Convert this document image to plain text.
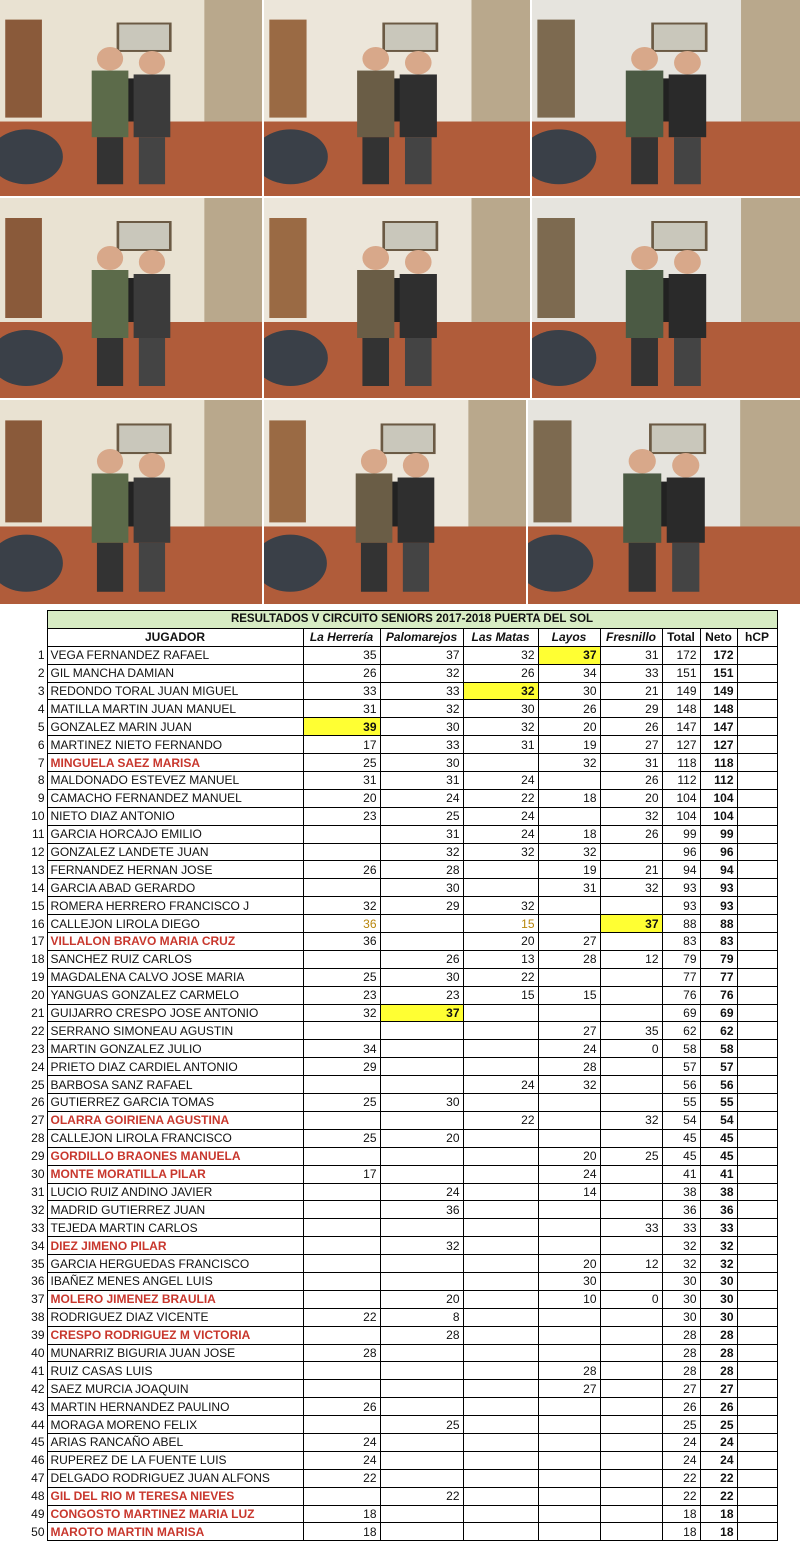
	RESULTADOS V CIRCUITO SENIORS 2017-2018 PUERTA DEL SOL								
	JUGADOR	La Herrería	Palomarejos	Las Matas	Layos	Fresnillo	Total	Neto	hCP
1	VEGA FERNANDEZ RAFAEL	35	37	32	37	31	172	172	
2	GIL MANCHA DAMIAN	26	32	26	34	33	151	151	
3	REDONDO TORAL JUAN MIGUEL	33	33	32	30	21	149	149	
4	MATILLA MARTIN JUAN MANUEL	31	32	30	26	29	148	148	
5	GONZALEZ MARIN JUAN	39	30	32	20	26	147	147	
6	MARTINEZ NIETO FERNANDO	17	33	31	19	27	127	127	
7	MINGUELA SAEZ MARISA	25	30		32	31	118	118	
8	MALDONADO ESTEVEZ MANUEL	31	31	24		26	112	112	
9	CAMACHO FERNANDEZ MANUEL	20	24	22	18	20	104	104	
10	NIETO DIAZ ANTONIO	23	25	24		32	104	104	
11	GARCIA HORCAJO EMILIO		31	24	18	26	99	99	
12	GONZALEZ LANDETE JUAN		32	32	32		96	96	
13	FERNANDEZ HERNAN JOSE	26	28		19	21	94	94	
14	GARCIA ABAD GERARDO		30		31	32	93	93	
15	ROMERA HERRERO FRANCISCO J	32	29	32			93	93	
16	CALLEJON LIROLA DIEGO	36		15		37	88	88	
17	VILLALON BRAVO MARIA CRUZ	36		20	27		83	83	
18	SANCHEZ RUIZ CARLOS		26	13	28	12	79	79	
19	MAGDALENA CALVO JOSE MARIA	25	30	22			77	77	
20	YANGUAS GONZALEZ CARMELO	23	23	15	15		76	76	
21	GUIJARRO CRESPO JOSE ANTONIO	32	37				69	69	
22	SERRANO SIMONEAU AGUSTIN				27	35	62	62	
23	MARTIN GONZALEZ JULIO	34			24	0	58	58	
24	PRIETO DIAZ CARDIEL ANTONIO	29			28		57	57	
25	BARBOSA SANZ RAFAEL			24	32		56	56	
26	GUTIERREZ GARCIA TOMAS	25	30				55	55	
27	OLARRA GOIRIENA AGUSTINA			22		32	54	54	
28	CALLEJON LIROLA FRANCISCO	25	20				45	45	
29	GORDILLO BRAONES MANUELA				20	25	45	45	
30	MONTE MORATILLA PILAR	17			24		41	41	
31	LUCIO RUIZ ANDINO JAVIER		24		14		38	38	
32	MADRID GUTIERREZ JUAN		36				36	36	
33	TEJEDA MARTIN CARLOS					33	33	33	
34	DIEZ JIMENO PILAR		32				32	32	
35	GARCIA HERGUEDAS FRANCISCO				20	12	32	32	
36	IBAÑEZ MENES ANGEL LUIS				30		30	30	
37	MOLERO JIMENEZ BRAULIA		20		10	0	30	30	
38	RODRIGUEZ DIAZ VICENTE	22	8				30	30	
39	CRESPO RODRIGUEZ M VICTORIA		28				28	28	
40	MUNARRIZ BIGURIA JUAN JOSE	28					28	28	
41	RUIZ CASAS LUIS				28		28	28	
42	SAEZ MURCIA JOAQUIN				27		27	27	
43	MARTIN HERNANDEZ PAULINO	26					26	26	
44	MORAGA MORENO FELIX		25				25	25	
45	ARIAS RANCAÑO ABEL	24					24	24	
46	RUPEREZ DE LA FUENTE LUIS	24					24	24	
47	DELGADO RODRIGUEZ JUAN ALFONS	22					22	22	
48	GIL DEL RIO M TERESA NIEVES		22				22	22	
49	CONGOSTO MARTINEZ MARIA LUZ	18					18	18	
50	MAROTO MARTIN MARISA	18					18	18	
